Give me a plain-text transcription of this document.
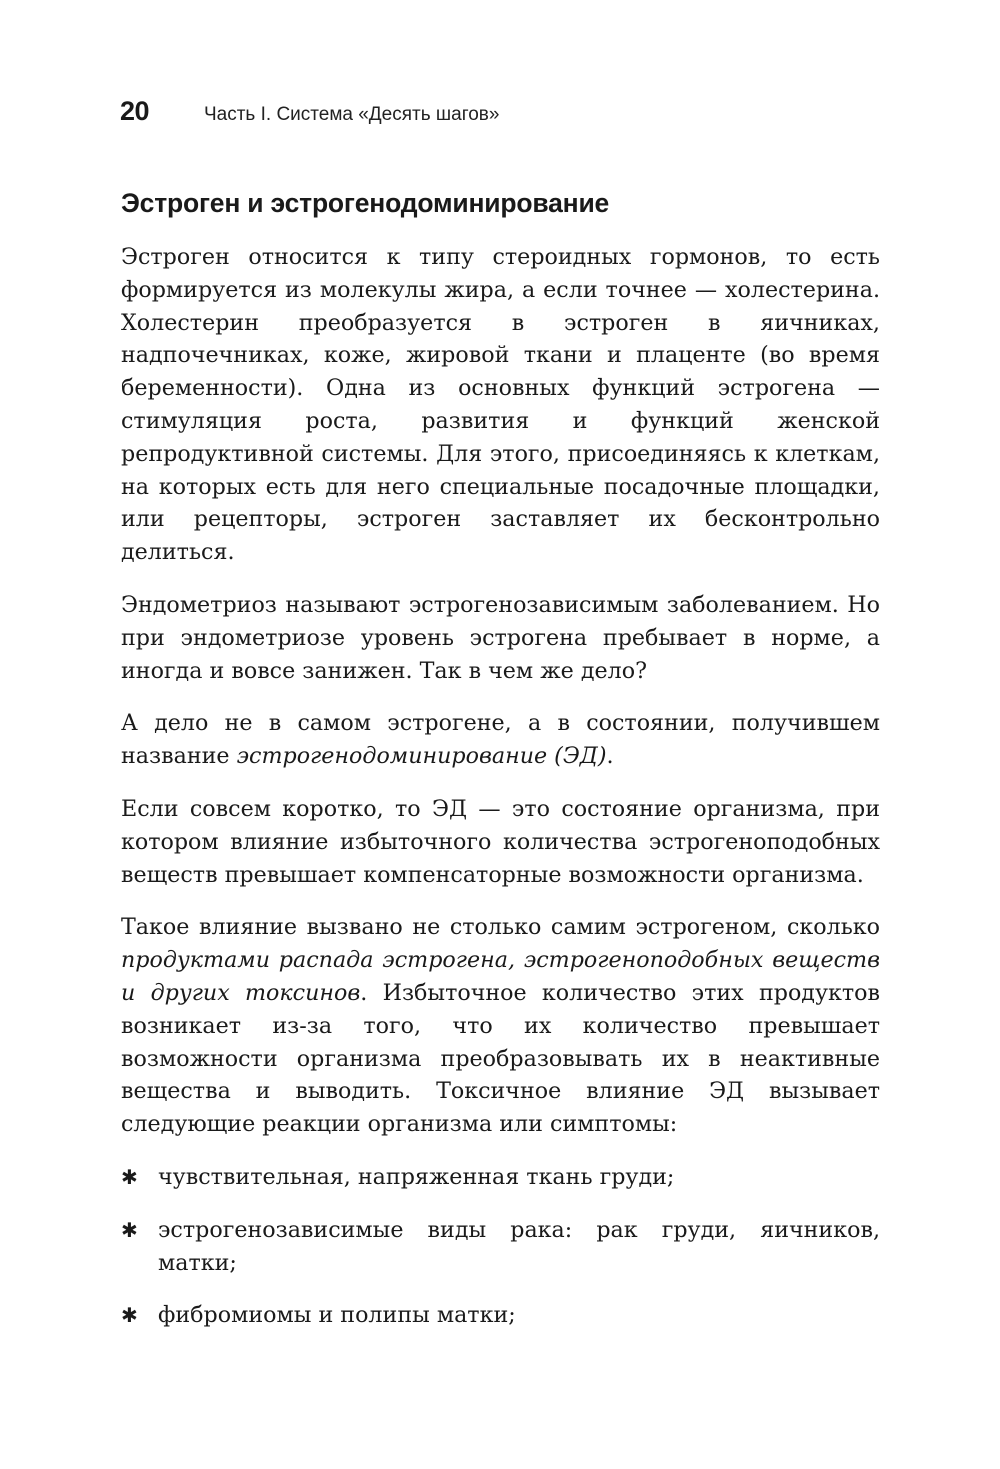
20	Часть I. Система «Десять шагов»
Эстроген и эстрогенодоминирование

Эстроген относится к типу стероидных гормонов, то есть формируется из молекулы жира, а если точнее — холестерина. Холестерин преобразуется в эстроген в яичниках, надпочечниках, коже, жировой ткани и плаценте (во время беременности). Одна из основных функций эстрогена — стимуляция роста, развития и функций женской репродуктивной системы. Для этого, присоединяясь к клеткам, на которых есть для него специальные посадочные площадки, или рецепторы, эстроген заставляет их бесконтрольно делиться.

Эндометриоз называют эстрогенозависимым заболеванием. Но при эндометриозе уровень эстрогена пребывает в норме, а иногда и вовсе занижен. Так в чем же дело?

А дело не в самом эстрогене, а в состоянии, получившем название эстрогенодоминирование (ЭД).

Если совсем коротко, то ЭД — это состояние организма, при котором влияние избыточного количества эстрогеноподобных веществ превышает компенсаторные возможности организма.

Такое влияние вызвано не столько самим эстрогеном, сколько продуктами распада эстрогена, эстрогеноподобных веществ и других токсинов. Избыточное количество этих продуктов возникает из-за того, что их количество превышает возможности организма преобразовывать их в неактивные вещества и выводить. Токсичное влияние ЭД вызывает следующие реакции организма или симптомы:

✱ чувствительная, напряженная ткань груди;
✱ эстрогенозависимые виды рака: рак груди, яичников, матки;
✱ фибромиомы и полипы матки;
